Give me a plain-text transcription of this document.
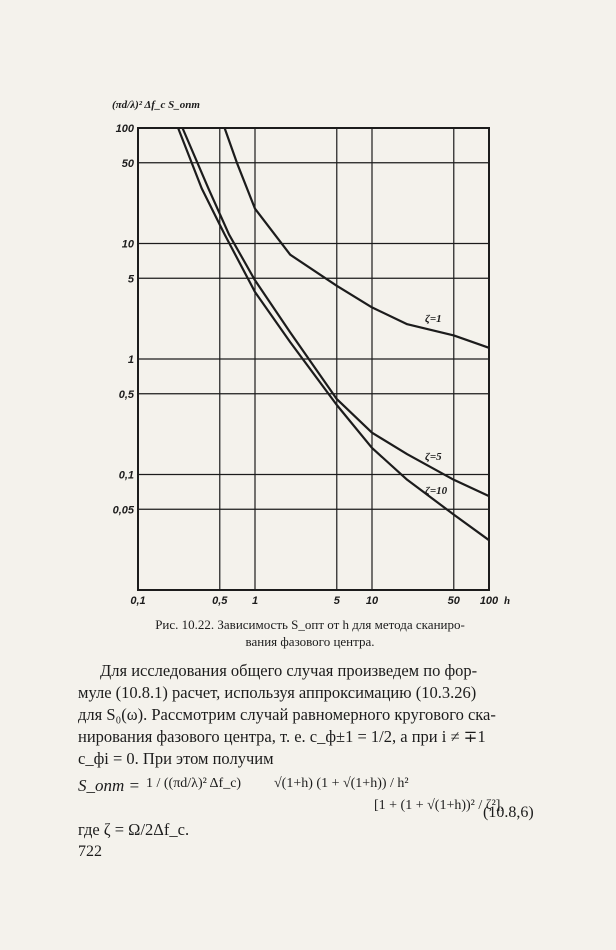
0,1	0,5 1	5 10	50 100 h
100
50
10
5
1
0,5
0,1
0,05
(πd/λ)² Δf_c S_опт
ζ=1
ζ=5
ζ=10
Рис. 10.22. Зависимость S_опт от h для метода сканиро-
вания фазового центра.
Для исследования общего случая произведем по фор-
муле (10.8.1) расчет, используя аппроксимацию (10.3.26)
для S₀(ω). Рассмотрим случай равномерного кругового ска-
нирования фазового центра, т. е. c_ф±1 = 1/2, а при i ≠ ∓1
c_фi = 0. При этом получим
S_опт = 1 / ((πd/λ)² Δf_c) √(1+h) (1 + √(1+h)) / h²
[1 + (1 + √(1+h))² / ζ²],
(10.8,6)
где ζ = Ω/2Δf_c.
722
